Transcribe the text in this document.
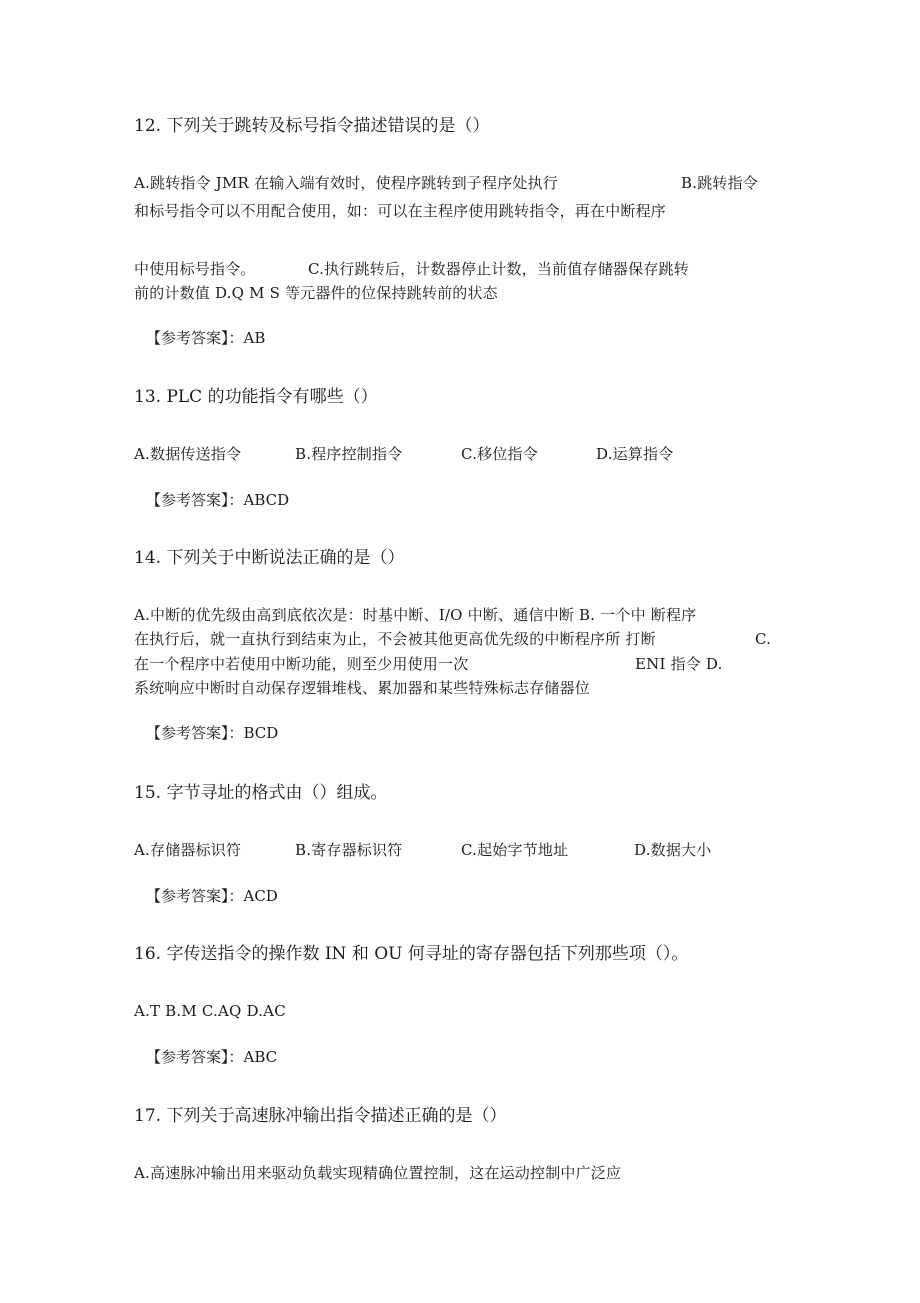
12. 下列关于跳转及标号指令描述错误的是（）
A.跳转指令 JMR 在输入端有效时，使程序跳转到子程序处执行	B.跳转指令
和标号指令可以不用配合使用，如：可以在主程序使用跳转指令，再在中断程序
中使用标号指令。	C.执行跳转后，计数器停止计数，当前值存储器保存跳转
前的计数值 D.Q M S 等元器件的位保持跳转前的状态
【参考答案】：AB
13. PLC 的功能指令有哪些（）
A.数据传送指令	B.程序控制指令	C.移位指令	D.运算指令
【参考答案】：ABCD
14. 下列关于中断说法正确的是（）
A.中断的优先级由高到底依次是：时基中断、I/O 中断、通信中断 B. 一个中 断程序
在执行后，就一直执行到结束为止，不会被其他更高优先级的中断程序所 打断	C.
在一个程序中若使用中断功能，则至少用使用一次	ENI 指令 D.
系统响应中断时自动保存逻辑堆栈、累加器和某些特殊标志存储器位
【参考答案】：BCD
15. 字节寻址的格式由（）组成。
A.存储器标识符	B.寄存器标识符	C.起始字节地址	D.数据大小
【参考答案】：ACD
16. 字传送指令的操作数 IN 和 OU 何寻址的寄存器包括下列那些项（）。
A.T B.M C.AQ D.AC
【参考答案】：ABC
17. 下列关于高速脉冲输出指令描述正确的是（）
A.高速脉冲输出用来驱动负载实现精确位置控制，这在运动控制中广泛应
